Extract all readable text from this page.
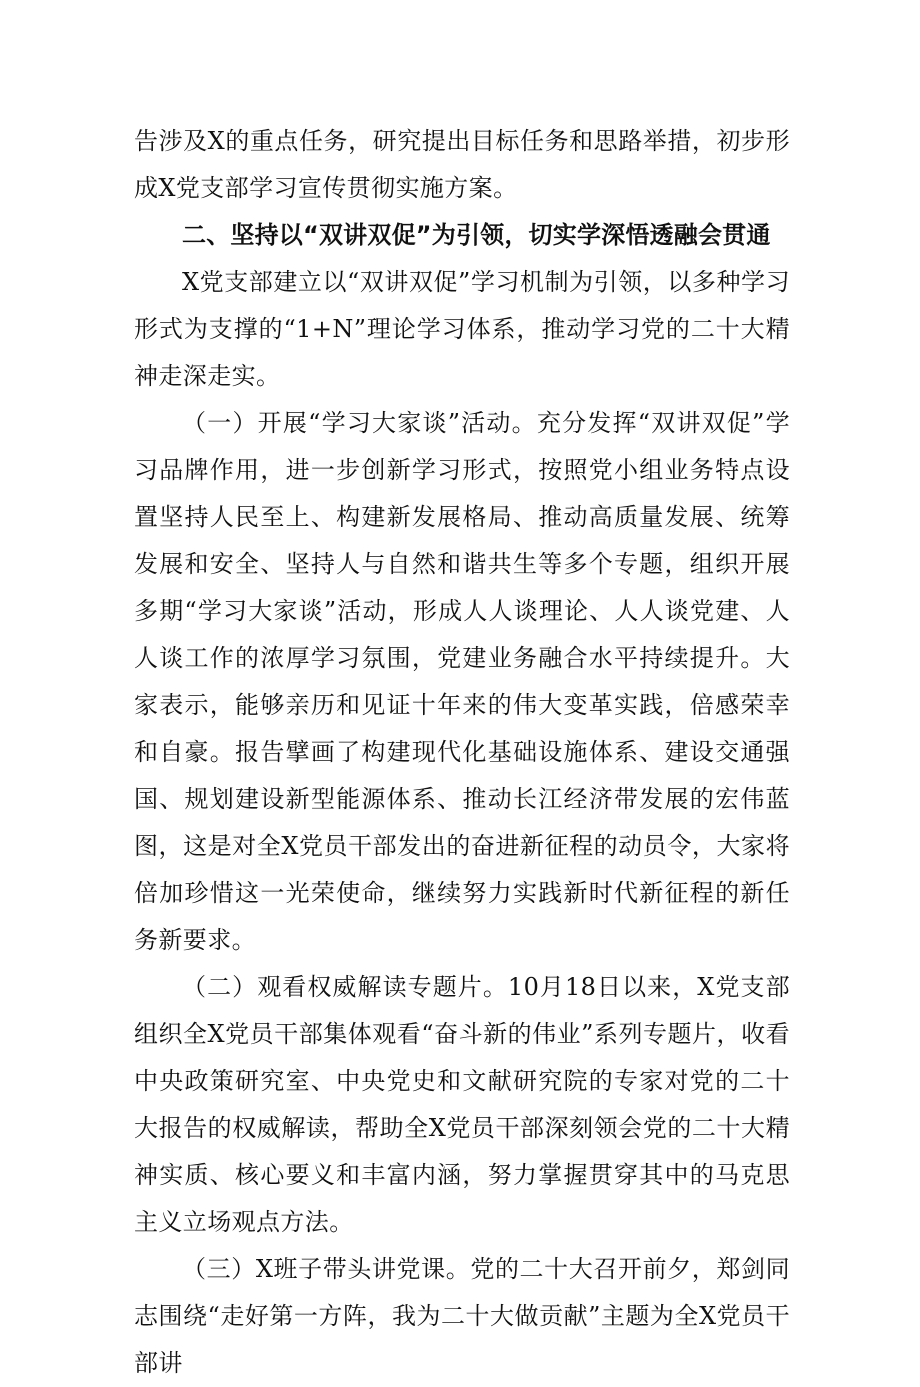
告涉及X的重点任务，研究提出目标任务和思路举措，初步形成X党支部学习宣传贯彻实施方案。

二、坚持以“双讲双促”为引领，切实学深悟透融会贯通

X党支部建立以“双讲双促”学习机制为引领，以多种学习形式为支撑的“1+N”理论学习体系，推动学习党的二十大精神走深走实。

（一）开展“学习大家谈”活动。充分发挥“双讲双促”学习品牌作用，进一步创新学习形式，按照党小组业务特点设置坚持人民至上、构建新发展格局、推动高质量发展、统筹发展和安全、坚持人与自然和谐共生等多个专题，组织开展多期“学习大家谈”活动，形成人人谈理论、人人谈党建、人人谈工作的浓厚学习氛围，党建业务融合水平持续提升。大家表示，能够亲历和见证十年来的伟大变革实践，倍感荣幸和自豪。报告擘画了构建现代化基础设施体系、建设交通强国、规划建设新型能源体系、推动长江经济带发展的宏伟蓝图，这是对全X党员干部发出的奋进新征程的动员令，大家将倍加珍惜这一光荣使命，继续努力实践新时代新征程的新任务新要求。

（二）观看权威解读专题片。10月18日以来，X党支部组织全X党员干部集体观看“奋斗新的伟业”系列专题片，收看中央政策研究室、中央党史和文献研究院的专家对党的二十大报告的权威解读，帮助全X党员干部深刻领会党的二十大精神实质、核心要义和丰富内涵，努力掌握贯穿其中的马克思主义立场观点方法。

（三）X班子带头讲党课。党的二十大召开前夕，郑剑同志围绕“走好第一方阵，我为二十大做贡献”主题为全X党员干部讲
